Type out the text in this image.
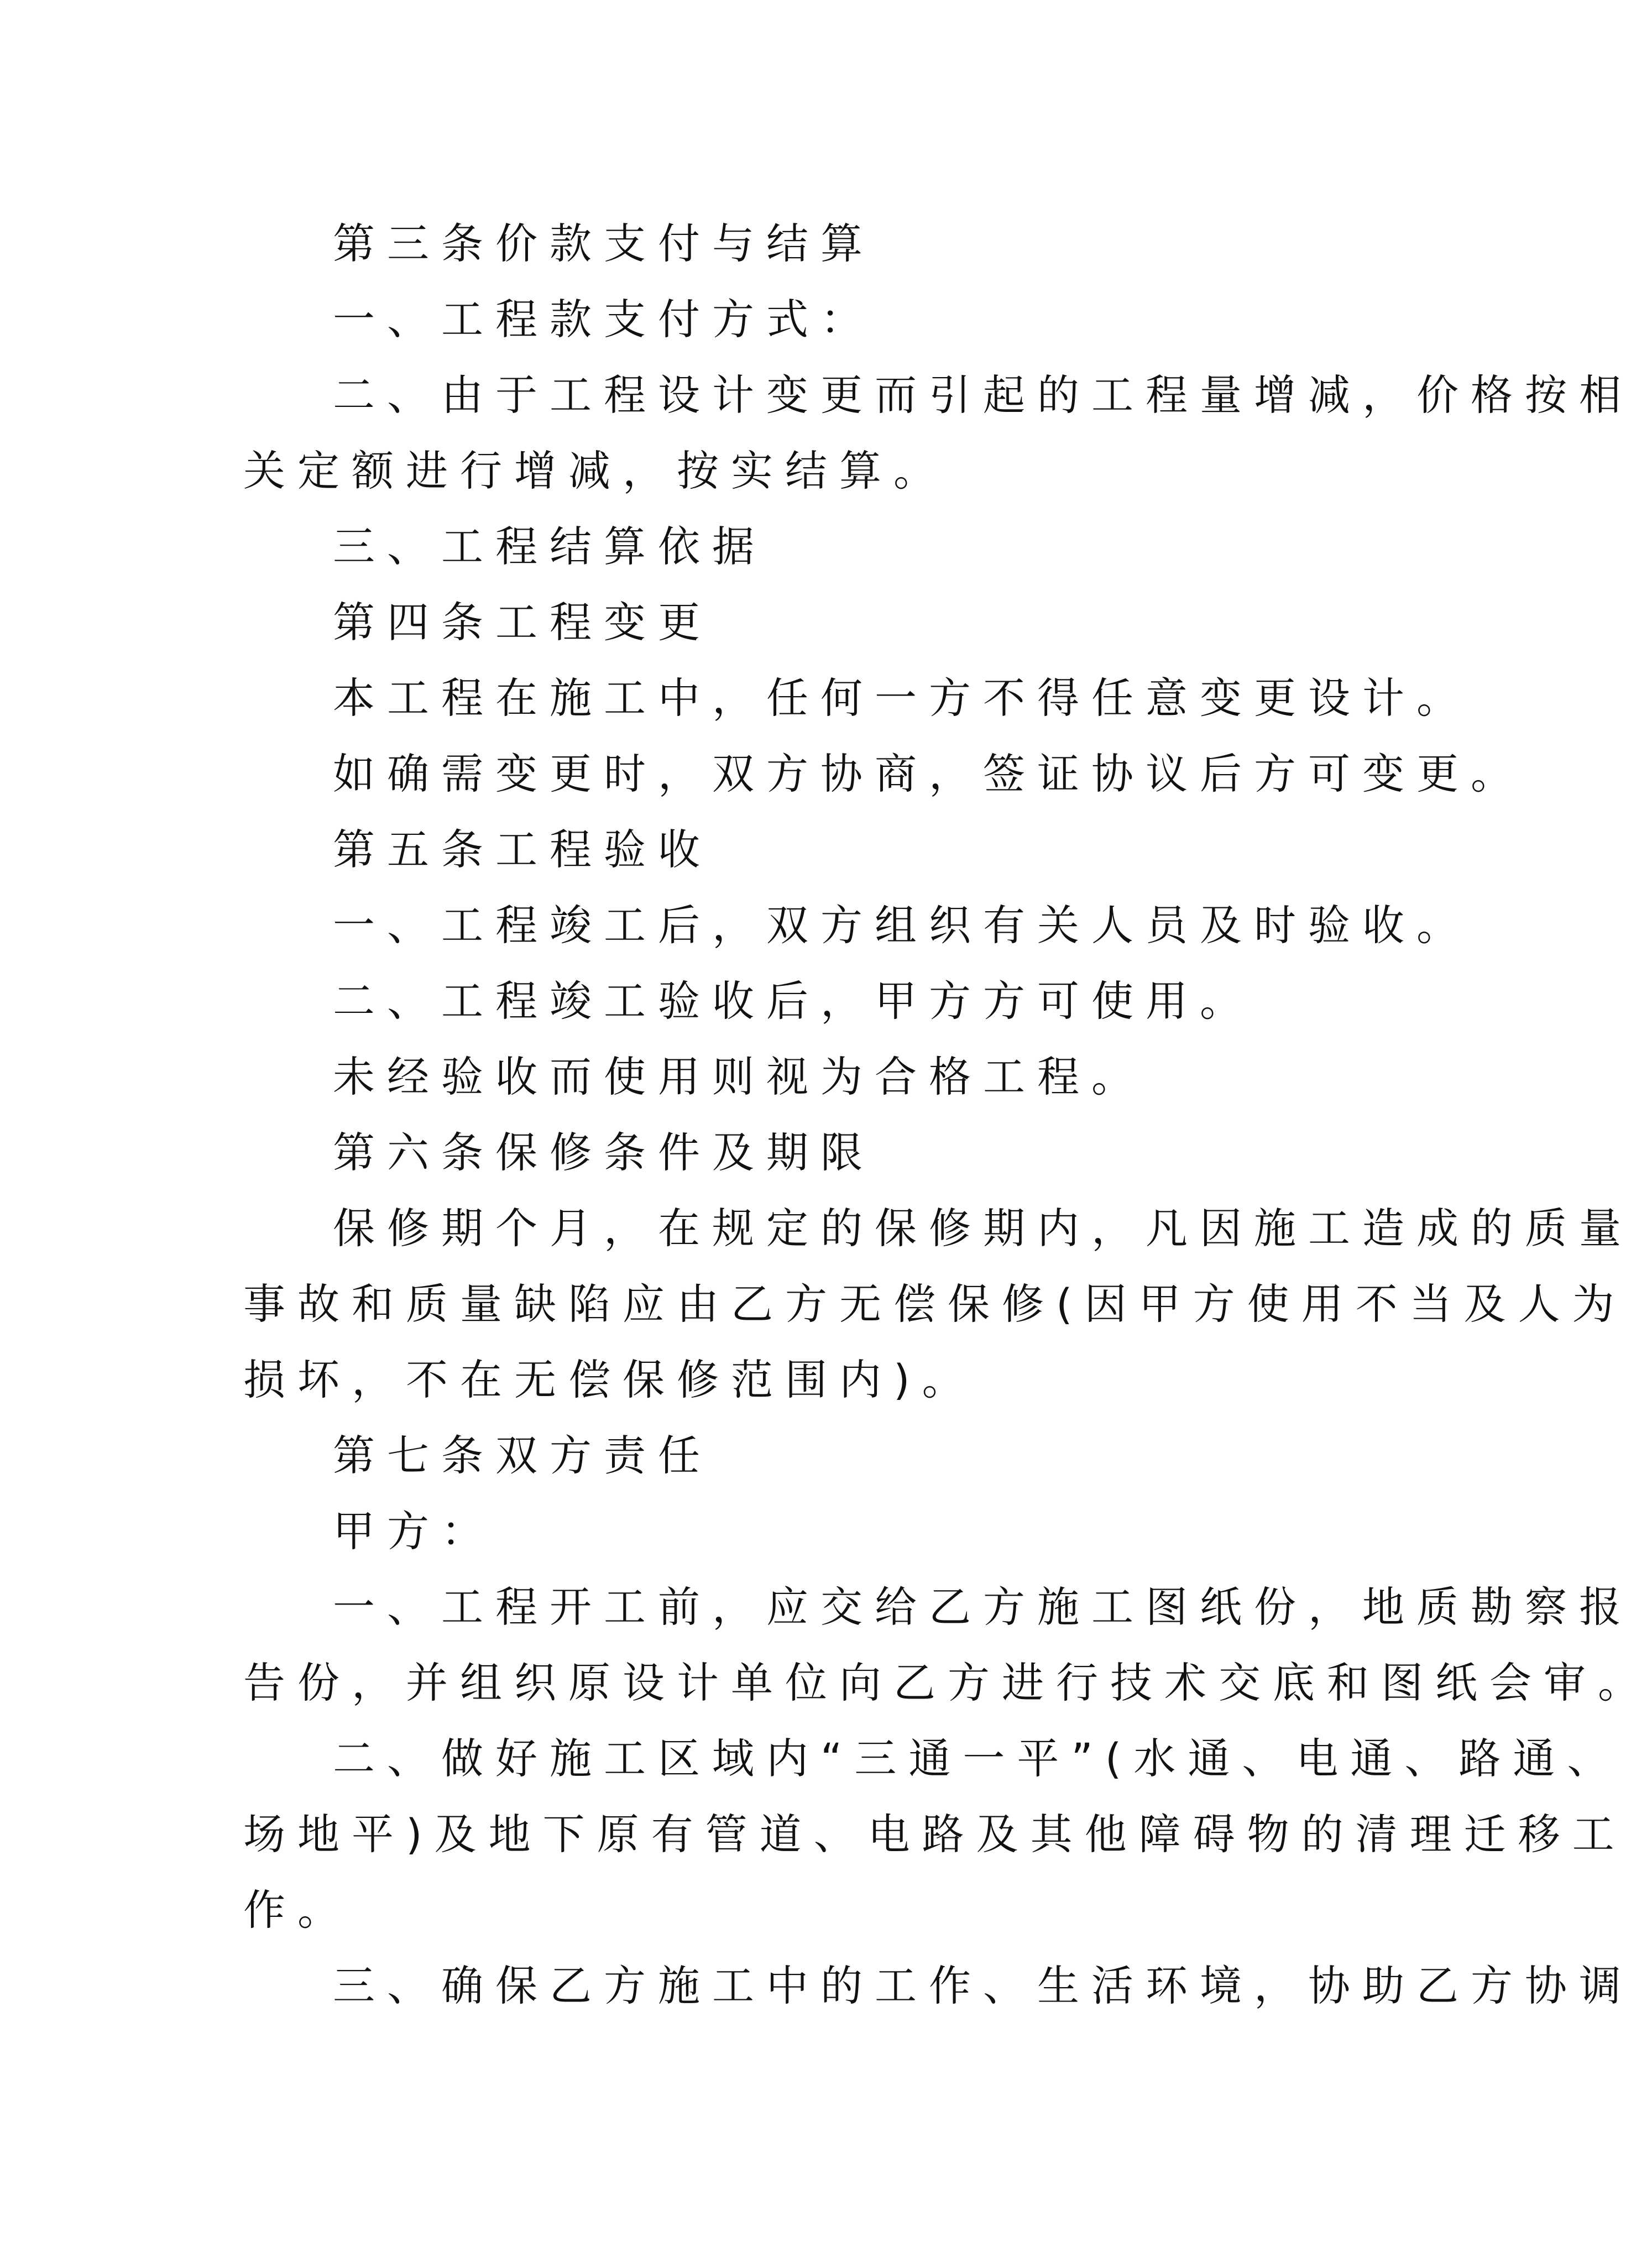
第三条价款支付与结算
一、工程款支付方式：
二、由于工程设计变更而引起的工程量增减，价格按相
关定额进行增减，按实结算。
三、工程结算依据
第四条工程变更
本工程在施工中，任何一方不得任意变更设计。
如确需变更时，双方协商，签证协议后方可变更。
第五条工程验收
一、工程竣工后，双方组织有关人员及时验收。
二、工程竣工验收后，甲方方可使用。
未经验收而使用则视为合格工程。
第六条保修条件及期限
保修期个月，在规定的保修期内，凡因施工造成的质量
事故和质量缺陷应由乙方无偿保修(因甲方使用不当及人为
损坏，不在无偿保修范围内)。
第七条双方责任
甲方：
一、工程开工前，应交给乙方施工图纸份，地质勘察报
告份，并组织原设计单位向乙方进行技术交底和图纸会审。
二、做好施工区域内“三通一平”(水通、电通、路通、
场地平)及地下原有管道、电路及其他障碍物的清理迁移工
作。
三、确保乙方施工中的工作、生活环境，协助乙方协调
